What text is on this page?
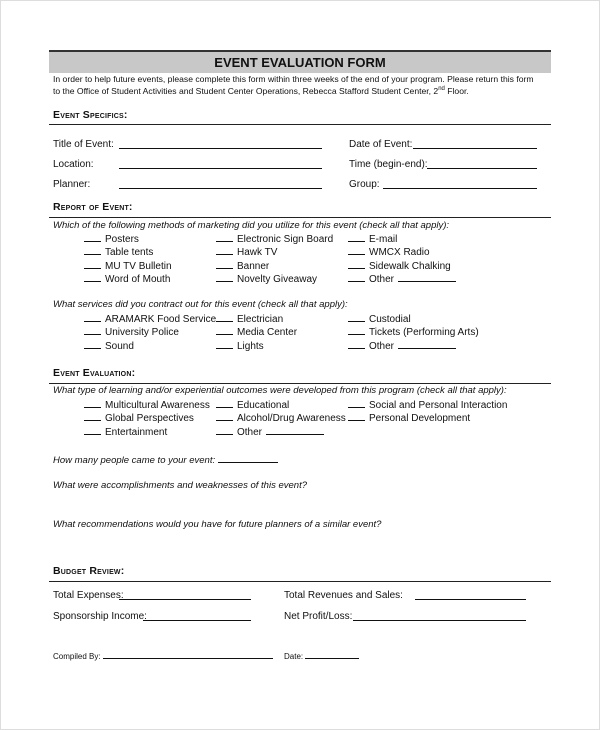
EVENT EVALUATION FORM
In order to help future events, please complete this form within three weeks of the end of your program. Please return this form
to the Office of Student Activities and Student Center Operations, Rebecca Stafford Student Center, 2nd Floor.
Event Specifics:
Report of Event:
Which of the following methods of marketing did you utilize for this event (check all that apply):
What services did you contract out for this event (check all that apply):
Event Evaluation:
What type of learning and/or experiential outcomes were developed from this program (check all that apply):
How many people came to your event:
What were accomplishments and weaknesses of this event?
What recommendations would you have for future planners of a similar event?
Budget Review:
Compiled By:	Date:
Title of Event:	Date of Event:
Location:	Time (begin-end):
Planner:	Group:
Posters	Electronic Sign Board	E-mail
Table tents	Hawk TV	WMCX Radio
MU TV Bulletin	Banner	Sidewalk Chalking
Word of Mouth	Novelty Giveaway	Other
ARAMARK Food Service	Electrician	Custodial
University Police	Media Center	Tickets (Performing Arts)
Sound	Lights	Other
Multicultural Awareness	Educational	Social and Personal Interaction
Global Perspectives	Alcohol/Drug Awareness	Personal Development
Entertainment	Other
Total Expenses:	Total Revenues and Sales:
Sponsorship Income:	Net Profit/Loss:
